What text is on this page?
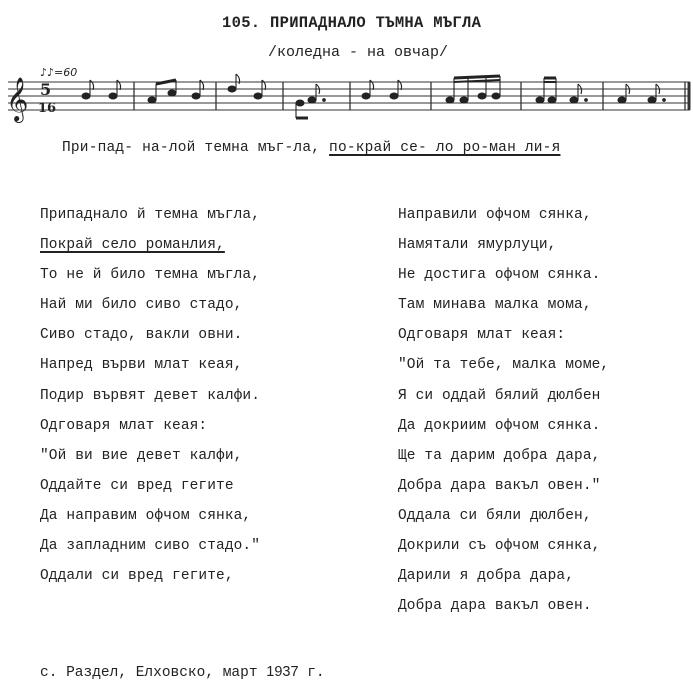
105. ПРИПАДНАЛО ТЪМНА МЪГЛА
/коледна - на овчар/
𝄞
♪♪=60
5
16
При-пад- на-лой темна мъг-ла, по-край се- ло ро-ман ли-я
Припаднало й темна мъгла,
Покрай село романлия,
То не й било темна мъгла,
Най ми било сиво стадо,
Сиво стадо, вакли овни.
Напред върви млат кеая,
Подир вървят девет калфи.
Одговаря млат кеая:
"Ой ви вие девет калфи,
Оддайте си вред гегите
Да направим офчом сянка,
Да запладним сиво стадо."
Оддали си вред гегите,
Направили офчом сянка,
Намятали ямурлуци,
Не достига офчом сянка.
Там минава малка мома,
Одговаря млат кеая:
"Ой та тебе, малка моме,
Я си оддай бялий дюлбен
Да докриим офчом сянка.
Ще та дарим добра дара,
Добра дара вакъл овен."
Оддала си бяли дюлбен,
Докрили съ офчом сянка,
Дарили я добра дара,
Добра дара вакъл овен.
с. Раздел, Елховско, март 1937 г.
